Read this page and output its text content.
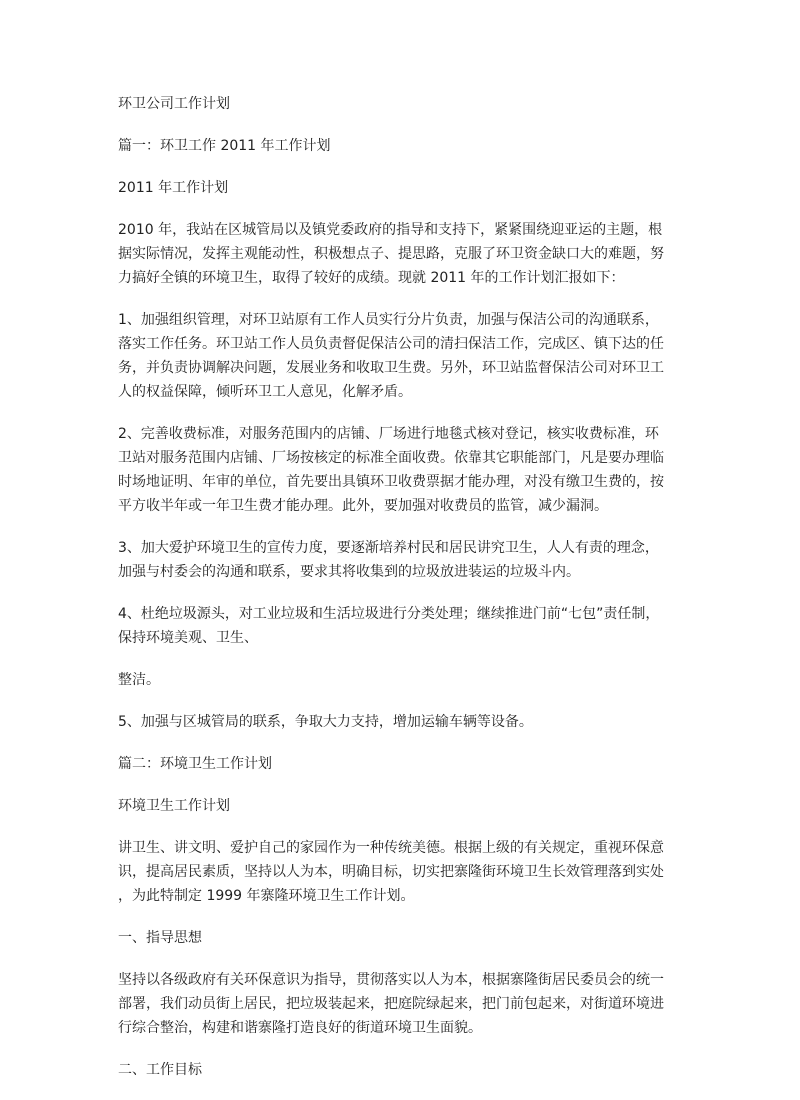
环卫公司工作计划
篇一：环卫工作 2011 年工作计划
2011 年工作计划
2010 年，我站在区城管局以及镇党委政府的指导和支持下，紧紧围绕迎亚运的主题，根
据实际情况，发挥主观能动性，积极想点子、提思路，克服了环卫资金缺口大的难题，努
力搞好全镇的环境卫生，取得了较好的成绩。现就 2011 年的工作计划汇报如下：
1、加强组织管理，对环卫站原有工作人员实行分片负责，加强与保洁公司的沟通联系，
落实工作任务。环卫站工作人员负责督促保洁公司的清扫保洁工作，完成区、镇下达的任
务，并负责协调解决问题，发展业务和收取卫生费。另外，环卫站监督保洁公司对环卫工
人的权益保障，倾听环卫工人意见，化解矛盾。
2、完善收费标准，对服务范围内的店铺、厂场进行地毯式核对登记，核实收费标准，环
卫站对服务范围内店铺、厂场按核定的标准全面收费。依靠其它职能部门，凡是要办理临
时场地证明、年审的单位，首先要出具镇环卫收费票据才能办理，对没有缴卫生费的，按
平方收半年或一年卫生费才能办理。此外，要加强对收费员的监管，减少漏洞。
3、加大爱护环境卫生的宣传力度，要逐渐培养村民和居民讲究卫生，人人有责的理念，
加强与村委会的沟通和联系，要求其将收集到的垃圾放进装运的垃圾斗内。
4、杜绝垃圾源头，对工业垃圾和生活垃圾进行分类处理；继续推进门前“七包”责任制，
保持环境美观、卫生、
整洁。
5、加强与区城管局的联系，争取大力支持，增加运输车辆等设备。
篇二：环境卫生工作计划
环境卫生工作计划
讲卫生、讲文明、爱护自己的家园作为一种传统美德。根据上级的有关规定，重视环保意
识，提高居民素质，坚持以人为本，明确目标，切实把寨隆街环境卫生长效管理落到实处
，为此特制定 1999 年寨隆环境卫生工作计划。
一、指导思想
坚持以各级政府有关环保意识为指导，贯彻落实以人为本，根据寨隆街居民委员会的统一
部署，我们动员街上居民，把垃圾装起来，把庭院绿起来，把门前包起来，对街道环境进
行综合整治，构建和谐寨隆打造良好的街道环境卫生面貌。
二、工作目标
